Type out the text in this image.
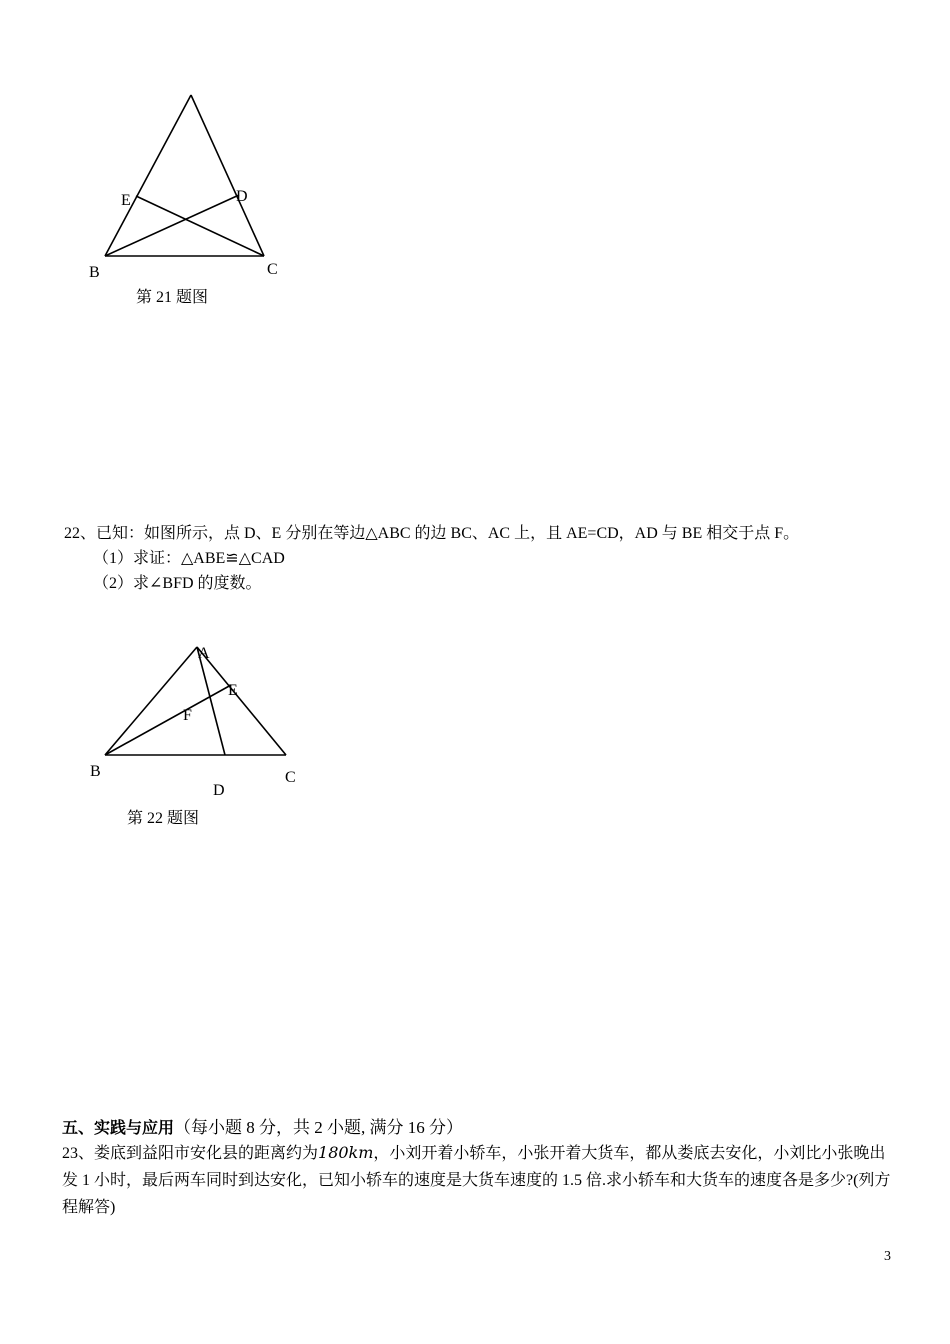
E	D
B	C
第 21 题图
22、已知：如图所示，点 D、E 分别在等边△ABC 的边 BC、AC 上，且 AE=CD，AD 与 BE 相交于点 F。
（1）求证：△ABE≌△CAD
（2）求∠BFD 的度数。
A
E
F
B	C
D
第 22 题图
五、实践与应用（每小题 8 分，共 2 小题, 满分 16 分）
23、娄底到益阳市安化县的距离约为180km，小刘开着小轿车，小张开着大货车，都从娄底去安化，小刘比小张晚出发 1 小时，最后两车同时到达安化，已知小轿车的速度是大货车速度的 1.5 倍.求小轿车和大货车的速度各是多少?(列方程解答)
3
